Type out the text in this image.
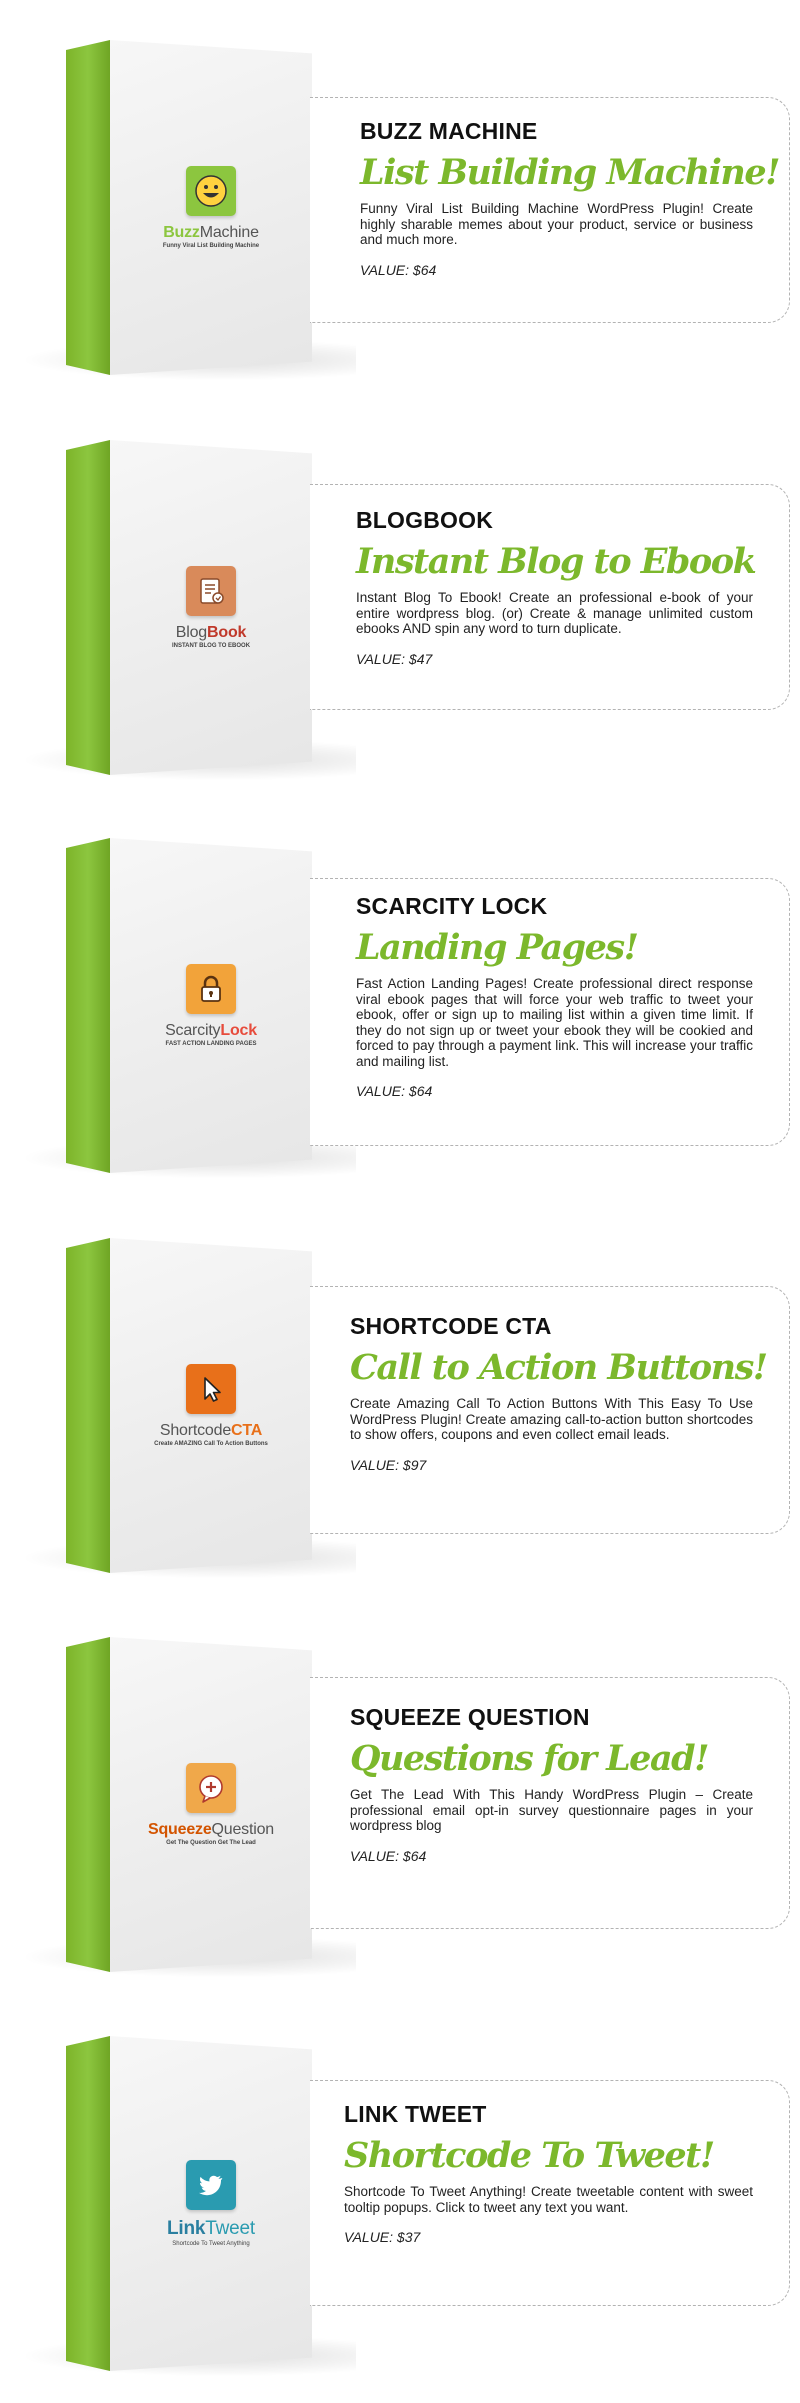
BuzzMachine
Funny Viral List Building Machine
BUZZ MACHINE
List Building Machine!
Funny Viral List Building Machine WordPress Plugin! Create highly sharable memes about your product, service or business and much more.
VALUE: $64
BlogBook
INSTANT BLOG TO EBOOK
BLOGBOOK
Instant Blog to Ebook
Instant Blog To Ebook! Create an professional e-book of your entire wordpress blog. (or) Create & manage unlimited custom ebooks AND spin any word to turn duplicate.
VALUE: $47
ScarcityLock
FAST ACTION LANDING PAGES
SCARCITY LOCK
Landing Pages!
Fast Action Landing Pages! Create professional direct response viral ebook pages that will force your web traffic to tweet your ebook, offer or sign up to mailing list within a given time limit. If they do not sign up or tweet your ebook they will be cookied and forced to pay through a payment link. This will increase your traffic and mailing list.
VALUE: $64
ShortcodeCTA
Create AMAZING Call To Action Buttons
SHORTCODE CTA
Call to Action Buttons!
Create Amazing Call To Action Buttons With This Easy To Use WordPress Plugin! Create amazing call-to-action button shortcodes to show offers, coupons and even collect email leads.
VALUE: $97
SqueezeQuestion
Get The Question Get The Lead
SQUEEZE QUESTION
Questions for Lead!
Get The Lead With This Handy WordPress Plugin – Create professional email opt-in survey questionnaire pages in your wordpress blog
VALUE: $64
LinkTweet
Shortcode To Tweet Anything
LINK TWEET
Shortcode To Tweet!
Shortcode To Tweet Anything! Create tweetable content with sweet tooltip popups. Click to tweet any text you want.
VALUE: $37
